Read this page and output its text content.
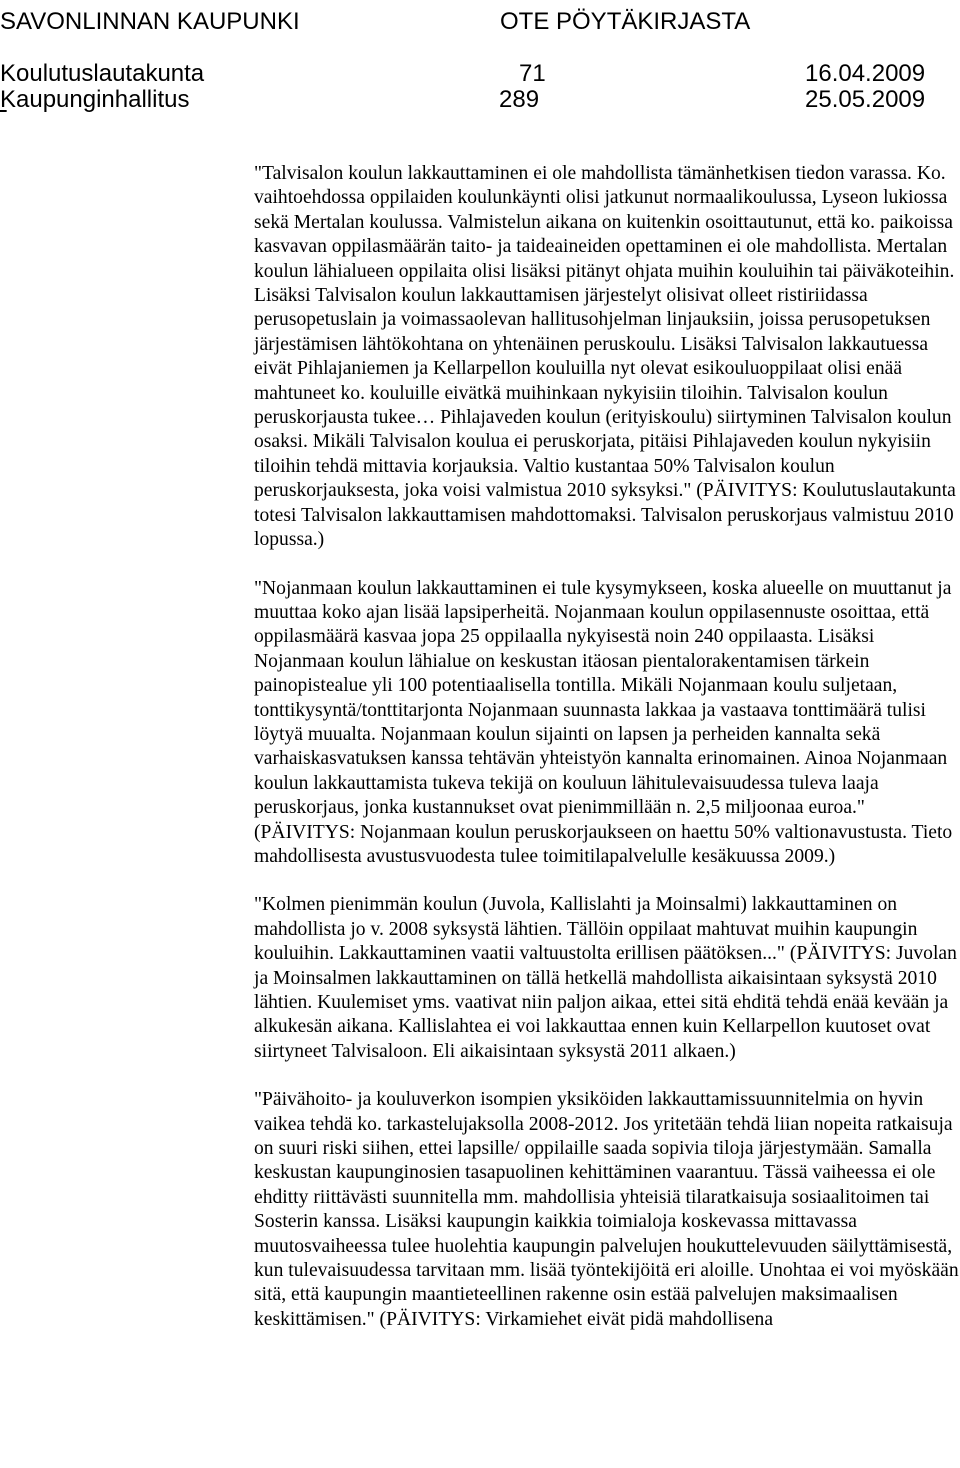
SAVONLINNAN KAUPUNKI	OTE PÖYTÄKIRJASTA
Koulutuslautakunta	71	16.04.2009

Kaupunginhallitus	289	25.05.2009

"Talvisalon koulun lakkauttaminen ei ole mahdollista tämänhetkisen tiedon varassa. Ko. vaihtoehdossa oppilaiden koulunkäynti olisi jatkunut normaalikoulussa, Lyseon lukiossa sekä Mertalan koulussa. Valmistelun aikana on kuitenkin osoittautunut, että ko. paikoissa kasvavan oppilasmäärän taito- ja taideaineiden opettaminen ei ole mahdollista. Mertalan koulun lähialueen oppilaita olisi lisäksi pitänyt ohjata muihin kouluihin tai päiväkoteihin. Lisäksi Talvisalon koulun lakkauttamisen järjestelyt olisivat olleet ristiriidassa perusopetuslain ja voimassaolevan hallitusohjelman linjauksiin, joissa perusopetuksen järjestämisen lähtökohtana on yhtenäinen peruskoulu. Lisäksi Talvisalon lakkautuessa eivät Pihlajaniemen ja Kellarpellon kouluilla nyt olevat esikouluoppilaat olisi enää mahtuneet ko. kouluille eivätkä muihinkaan nykyisiin tiloihin. Talvisalon koulun peruskorjausta tukee… Pihlajaveden koulun (erityiskoulu) siirtyminen Talvisalon koulun osaksi. Mikäli Talvisalon koulua ei peruskorjata, pitäisi Pihlajaveden koulun nykyisiin tiloihin tehdä mittavia korjauksia. Valtio kustantaa 50% Talvisalon koulun peruskorjauksesta, joka voisi valmistua 2010 syksyksi." (PÄIVITYS: Koulutuslautakunta totesi Talvisalon lakkauttamisen mahdottomaksi. Talvisalon peruskorjaus valmistuu 2010 lopussa.)

"Nojanmaan koulun lakkauttaminen ei tule kysymykseen, koska alueelle on muuttanut ja muuttaa koko ajan lisää lapsiperheitä. Nojanmaan koulun oppilasennuste osoittaa, että oppilasmäärä kasvaa jopa 25 oppilaalla nykyisestä noin 240 oppilaasta. Lisäksi Nojanmaan koulun lähialue on keskustan itäosan pientalorakentamisen tärkein painopistealue yli 100 potentiaalisella tontilla. Mikäli Nojanmaan koulu suljetaan, tonttikysyntä/tonttitarjonta Nojanmaan suunnasta lakkaa ja vastaava tonttimäärä tulisi löytyä muualta. Nojanmaan koulun sijainti on lapsen ja perheiden kannalta sekä varhaiskasvatuksen kanssa tehtävän yhteistyön kannalta erinomainen. Ainoa Nojanmaan koulun lakkauttamista tukeva tekijä on kouluun lähitulevaisuudessa tuleva laaja peruskorjaus, jonka kustannukset ovat pienimmillään n. 2,5 miljoonaa euroa." (PÄIVITYS: Nojanmaan koulun peruskorjaukseen on haettu 50% valtionavustusta. Tieto mahdollisesta avustusvuodesta tulee toimitilapalvelulle kesäkuussa 2009.)

"Kolmen pienimmän koulun (Juvola, Kallislahti ja Moinsalmi) lakkauttaminen on mahdollista jo v. 2008 syksystä lähtien. Tällöin oppilaat mahtuvat muihin kaupungin kouluihin. Lakkauttaminen vaatii valtuustolta erillisen päätöksen..." (PÄIVITYS: Juvolan ja Moinsalmen lakkauttaminen on tällä hetkellä mahdollista aikaisintaan syksystä 2010 lähtien. Kuulemiset yms. vaativat niin paljon aikaa, ettei sitä ehditä tehdä enää kevään ja alkukesän aikana. Kallislahtea ei voi lakkauttaa ennen kuin Kellarpellon kuutoset ovat siirtyneet Talvisaloon. Eli aikaisintaan syksystä 2011 alkaen.)

"Päivähoito- ja kouluverkon isompien yksiköiden lakkauttamissuunnitelmia on hyvin vaikea tehdä ko. tarkastelujaksolla 2008-2012. Jos yritetään tehdä liian nopeita ratkaisuja on suuri riski siihen, ettei lapsille/ oppilaille saada sopivia tiloja järjestymään. Samalla keskustan kaupunginosien tasapuolinen kehittäminen vaarantuu. Tässä vaiheessa ei ole ehditty riittävästi suunnitella mm. mahdollisia yhteisiä tilaratkaisuja sosiaalitoimen tai Sosterin kanssa. Lisäksi kaupungin kaikkia toimialoja koskevassa mittavassa muutosvaiheessa tulee huolehtia kaupungin palvelujen houkuttelevuuden säilyttämisestä, kun tulevaisuudessa tarvitaan mm. lisää työntekijöitä eri aloille. Unohtaa ei voi myöskään sitä, että kaupungin maantieteellinen rakenne osin estää palvelujen maksimaalisen keskittämisen." (PÄIVITYS: Virkamiehet eivät pidä mahdollisena
